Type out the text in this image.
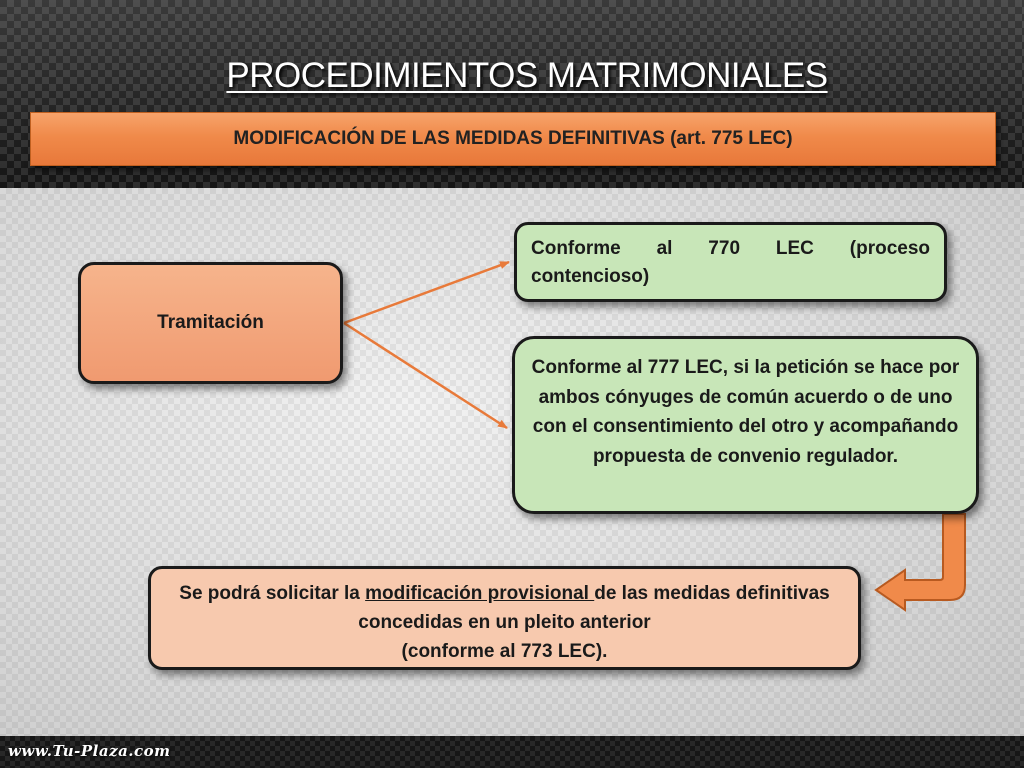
PROCEDIMIENTOS MATRIMONIALES
MODIFICACIÓN DE LAS MEDIDAS DEFINITIVAS (art. 775 LEC)
Tramitación
Conforme al 770 LEC (proceso contencioso)
Conforme al 777 LEC, si la petición se hace por ambos cónyuges de común acuerdo o de uno con el consentimiento del otro y acompañando propuesta de convenio regulador.
Se podrá solicitar la modificación provisional de las medidas definitivas concedidas en un pleito anterior
(conforme al 773 LEC).
www.Tu-Plaza.com
